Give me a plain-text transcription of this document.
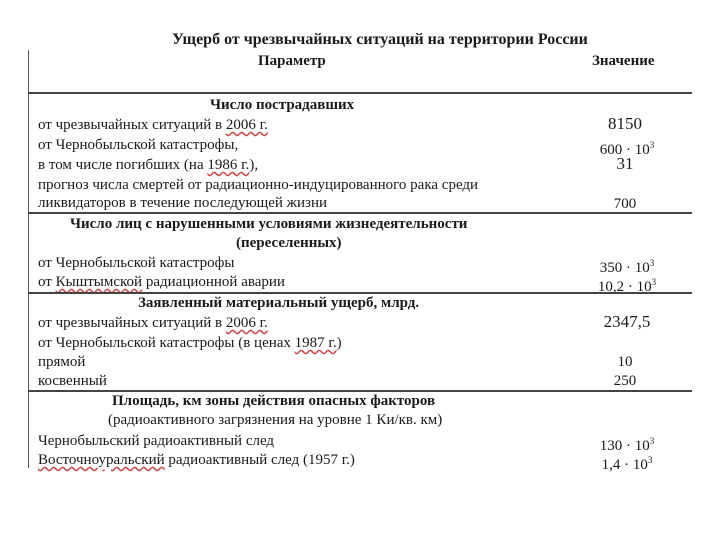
Ущерб от чрезвычайных ситуаций на территории России
Параметр	Значение
Число пострадавших
от чрезвычайных ситуаций в 2006 г.	8150
от Чернобыльской катастрофы,	$600 \cdot 10^3$
в том числе погибших (на 1986 г.),	31
прогноз числа смертей от радиационно-индуцированного рака среди
ликвидаторов в течение последующей жизни	700
Число лиц с нарушенными условиями жизнедеятельности
(переселенных)
от Чернобыльской катастрофы	$350 \cdot 10^3$
от Кыштымской радиационной аварии	$10,2 \cdot 10^3$
Заявленный материальный ущерб, млрд.
от чрезвычайных ситуаций в 2006 г.	2347,5
от Чернобыльской катастрофы (в ценах 1987 г.)
прямой	10
косвенный	250
Площадь, км зоны действия опасных факторов
(радиоактивного загрязнения на уровне 1 Ки/кв. км)
Чернобыльский радиоактивный след	$130 \cdot 10^3$
Восточноуральский радиоактивный след (1957 г.)	$1,4 \cdot 10^3$
